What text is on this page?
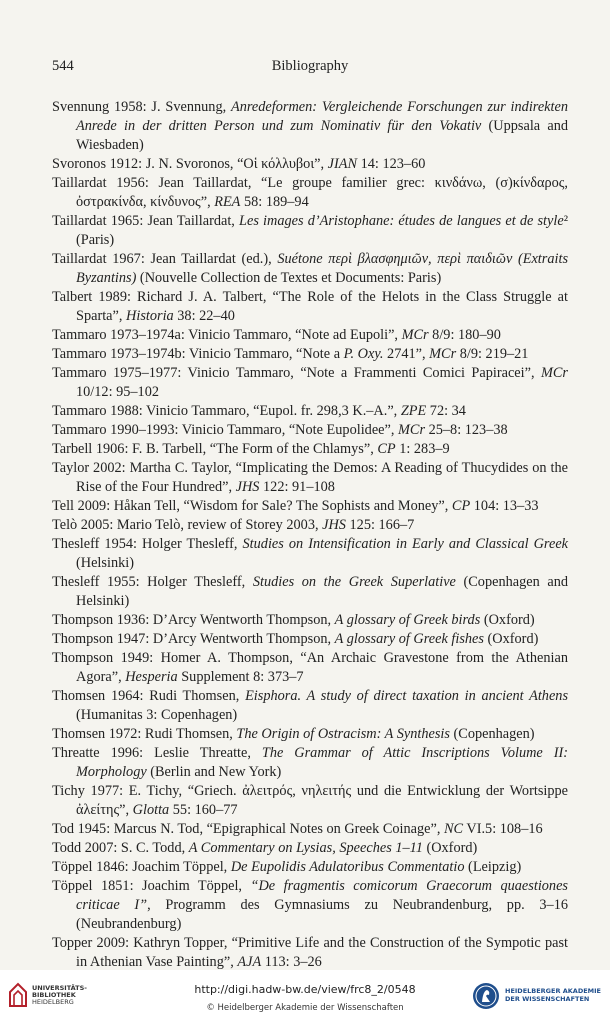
544	Bibliography

Svennung 1958: J. Svennung, Anredeformen: Vergleichende Forschungen zur indirekten Anrede in der dritten Person und zum Nominativ für den Vokativ (Uppsala and Wiesbaden)

Svoronos 1912: J. N. Svoronos, “Οἱ κόλλυβοι”, JIAN 14: 123–60

Taillardat 1956: Jean Taillardat, “Le groupe familier grec: κινδάνω, (σ)κίνδαρος, ὀστρακίνδα, κίνδυνος”, REA 58: 189–94

Taillardat 1965: Jean Taillardat, Les images d’Aristophane: études de langues et de style² (Paris)

Taillardat 1967: Jean Taillardat (ed.), Suétone περὶ βλασφημιῶν, περὶ παιδιῶν (Extraits Byzantins) (Nouvelle Collection de Textes et Documents: Paris)

Talbert 1989: Richard J. A. Talbert, “The Role of the Helots in the Class Struggle at Sparta”, Historia 38: 22–40

Tammaro 1973–1974a: Vinicio Tammaro, “Note ad Eupoli”, MCr 8/9: 180–90

Tammaro 1973–1974b: Vinicio Tammaro, “Note a P. Oxy. 2741”, MCr 8/9: 219–21

Tammaro 1975–1977: Vinicio Tammaro, “Note a Frammenti Comici Papiracei”, MCr 10/12: 95–102

Tammaro 1988: Vinicio Tammaro, “Eupol. fr. 298,3 K.–A.”, ZPE 72: 34

Tammaro 1990–1993: Vinicio Tammaro, “Note Eupolidee”, MCr 25–8: 123–38

Tarbell 1906: F. B. Tarbell, “The Form of the Chlamys”, CP 1: 283–9

Taylor 2002: Martha C. Taylor, “Implicating the Demos: A Reading of Thucydides on the Rise of the Four Hundred”, JHS 122: 91–108

Tell 2009: Håkan Tell, “Wisdom for Sale? The Sophists and Money”, CP 104: 13–33

Telò 2005: Mario Telò, review of Storey 2003, JHS 125: 166–7

Thesleff 1954: Holger Thesleff, Studies on Intensification in Early and Classical Greek (Helsinki)

Thesleff 1955: Holger Thesleff, Studies on the Greek Superlative (Copenhagen and Helsinki)

Thompson 1936: D’Arcy Wentworth Thompson, A glossary of Greek birds (Oxford)

Thompson 1947: D’Arcy Wentworth Thompson, A glossary of Greek fishes (Oxford)

Thompson 1949: Homer A. Thompson, “An Archaic Gravestone from the Athenian Agora”, Hesperia Supplement 8: 373–7

Thomsen 1964: Rudi Thomsen, Eisphora. A study of direct taxation in ancient Athens (Humanitas 3: Copenhagen)

Thomsen 1972: Rudi Thomsen, The Origin of Ostracism: A Synthesis (Copenhagen)

Threatte 1996: Leslie Threatte, The Grammar of Attic Inscriptions Volume II: Morphology (Berlin and New York)

Tichy 1977: E. Tichy, “Griech. ἀλειτρός, νηλειτής und die Entwicklung der Wortsippe ἀλείτης”, Glotta 55: 160–77

Tod 1945: Marcus N. Tod, “Epigraphical Notes on Greek Coinage”, NC VI.5: 108–16

Todd 2007: S. C. Todd, A Commentary on Lysias, Speeches 1–11 (Oxford)

Töppel 1846: Joachim Töppel, De Eupolidis Adulatoribus Commentatio (Leipzig)

Töppel 1851: Joachim Töppel, “De fragmentis comicorum Graecorum quaestiones criticae I”, Programm des Gymnasiums zu Neubrandenburg, pp. 3–16 (Neubrandenburg)

Topper 2009: Kathryn Topper, “Primitive Life and the Construction of the Sympotic past in Athenian Vase Painting”, AJA 113: 3–26

UNIVERSITÄTS-
BIBLIOTHEK
HEIDELBERG
http://digi.hadw-bw.de/view/frc8_2/0548
© Heidelberger Akademie der Wissenschaften
HEIDELBERGER AKADEMIE
DER WISSENSCHAFTEN
